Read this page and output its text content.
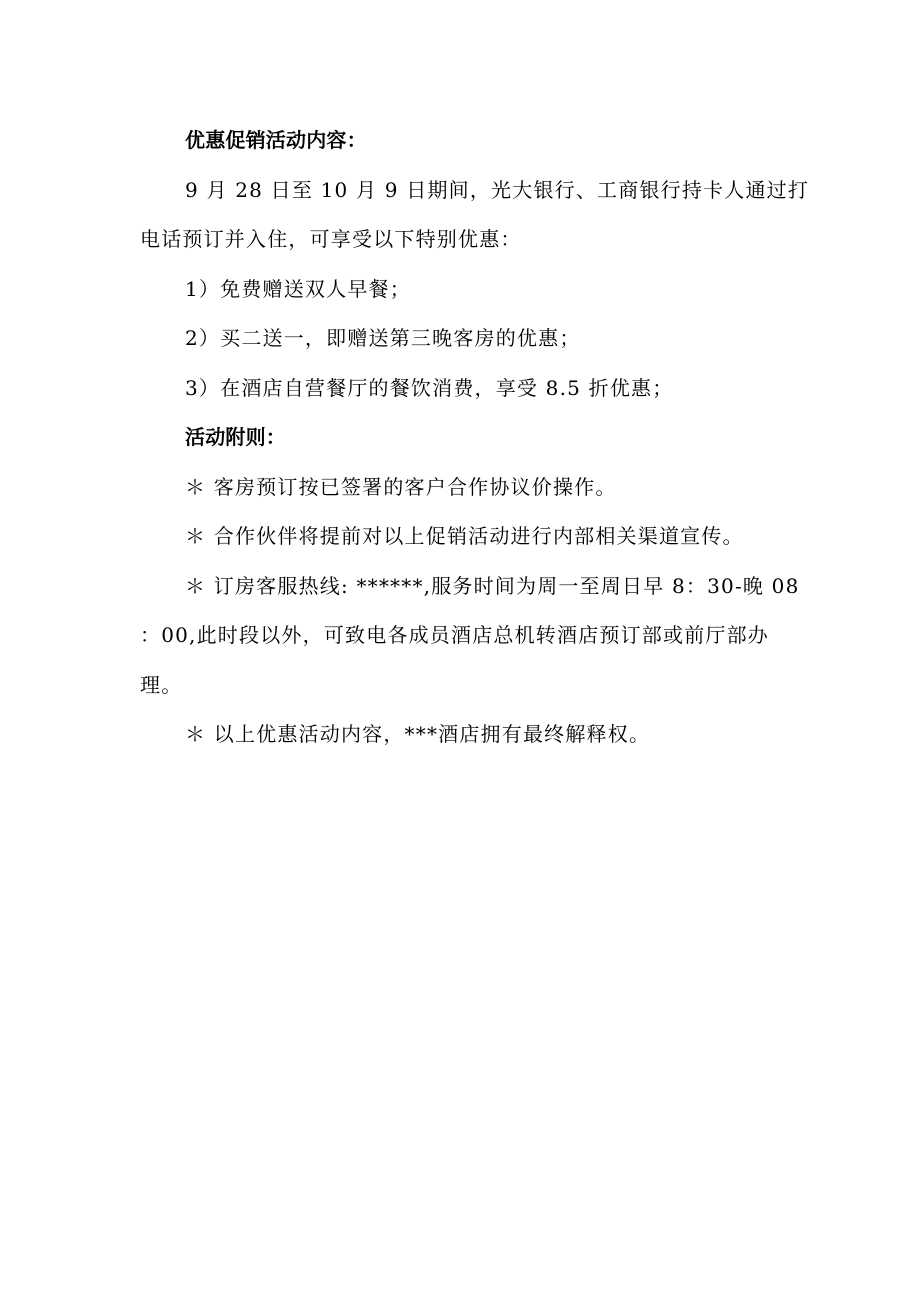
优惠促销活动内容：
9 月 28 日至 10 月 9 日期间，光大银行、工商银行持卡人通过打
电话预订并入住，可享受以下特别优惠：
1）免费赠送双人早餐；
2）买二送一，即赠送第三晚客房的优惠；
3）在酒店自营餐厅的餐饮消费，享受 8.5 折优惠；
活动附则：
＊ 客房预订按已签署的客户合作协议价操作。
＊ 合作伙伴将提前对以上促销活动进行内部相关渠道宣传。
＊ 订房客服热线: ******,服务时间为周一至周日早 8：30-晚 08
：00,此时段以外，可致电各成员酒店总机转酒店预订部或前厅部办
理。
＊ 以上优惠活动内容，***酒店拥有最终解释权。
